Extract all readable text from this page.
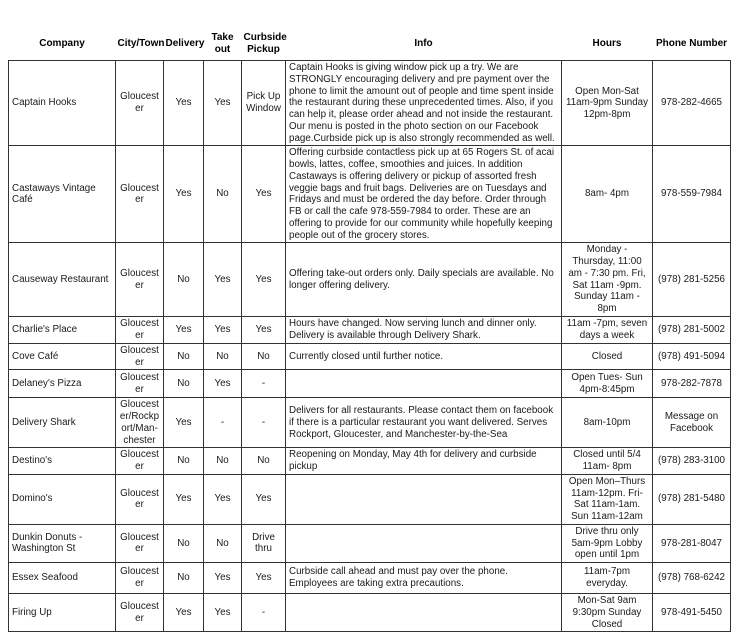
Company	City/Town	Delivery	Take out	Curbside Pickup	Info	Hours	Phone Number
Captain Hooks	Gloucester	Yes	Yes	Pick Up Window	Captain Hooks is giving window pick up a try. We are STRONGLY encouraging delivery and pre payment over the phone to limit the amount out of people and time spent inside the restaurant during these unprecedented times. Also, if you can help it, please order ahead and not inside the restaurant. Our menu is posted in the photo section on our Facebook page.Curbside pick up is also strongly recommended as well.	Open Mon-Sat 11am-9pm Sunday 12pm-8pm	978-282-4665
Castaways Vintage Café	Gloucester	Yes	No	Yes	Offering curbside contactless pick up at 65 Rogers St. of acai bowls, lattes, coffee, smoothies and juices. In addition Castaways is offering delivery or pickup of assorted fresh veggie bags and fruit bags. Deliveries are on Tuesdays and Fridays and must be ordered the day before. Order through FB or call the cafe 978-559-7984 to order. These are an offering to provide for our community while hopefully keeping people out of the grocery stores.	8am- 4pm	978-559-7984
Causeway Restaurant	Gloucester	No	Yes	Yes	Offering take-out orders only. Daily specials are available. No longer offering delivery.	Monday - Thursday, 11:00 am - 7:30 pm. Fri, Sat 11am -9pm. Sunday 11am - 8pm	(978) 281-5256
Charlie's Place	Gloucester	Yes	Yes	Yes	Hours have changed. Now serving lunch and dinner only. Delivery is available through Delivery Shark.	11am -7pm, seven days a week	(978) 281-5002
Cove Café	Gloucester	No	No	No	Currently closed until further notice.	Closed	(978) 491-5094
Delaney's Pizza	Gloucester	No	Yes	-		Open Tues- Sun 4pm-8:45pm	978-282-7878
Delivery Shark	Gloucester/Rockport/Man-chester	Yes	-	-	Delivers for all restaurants. Please contact them on facebook if there is a particular restaurant you want delivered. Serves Rockport, Gloucester, and Manchester-by-the-Sea	8am-10pm	Message on Facebook
Destino's	Gloucester	No	No	No	Reopening on Monday, May 4th for delivery and curbside pickup	Closed until 5/4 11am- 8pm	(978) 283-3100
Domino's	Gloucester	Yes	Yes	Yes		Open Mon–Thurs 11am-12pm. Fri-Sat 11am-1am. Sun 11am-12am	(978) 281-5480
Dunkin Donuts - Washington St	Gloucester	No	No	Drive thru		Drive thru only 5am-9pm Lobby open until 1pm	978-281-8047
Essex Seafood	Gloucester	No	Yes	Yes	Curbside call ahead and must pay over the phone. Employees are taking extra precautions.	11am-7pm everyday.	(978) 768-6242
Firing Up	Gloucester	Yes	Yes	-		Mon-Sat 9am 9:30pm Sunday Closed	978-491-5450
